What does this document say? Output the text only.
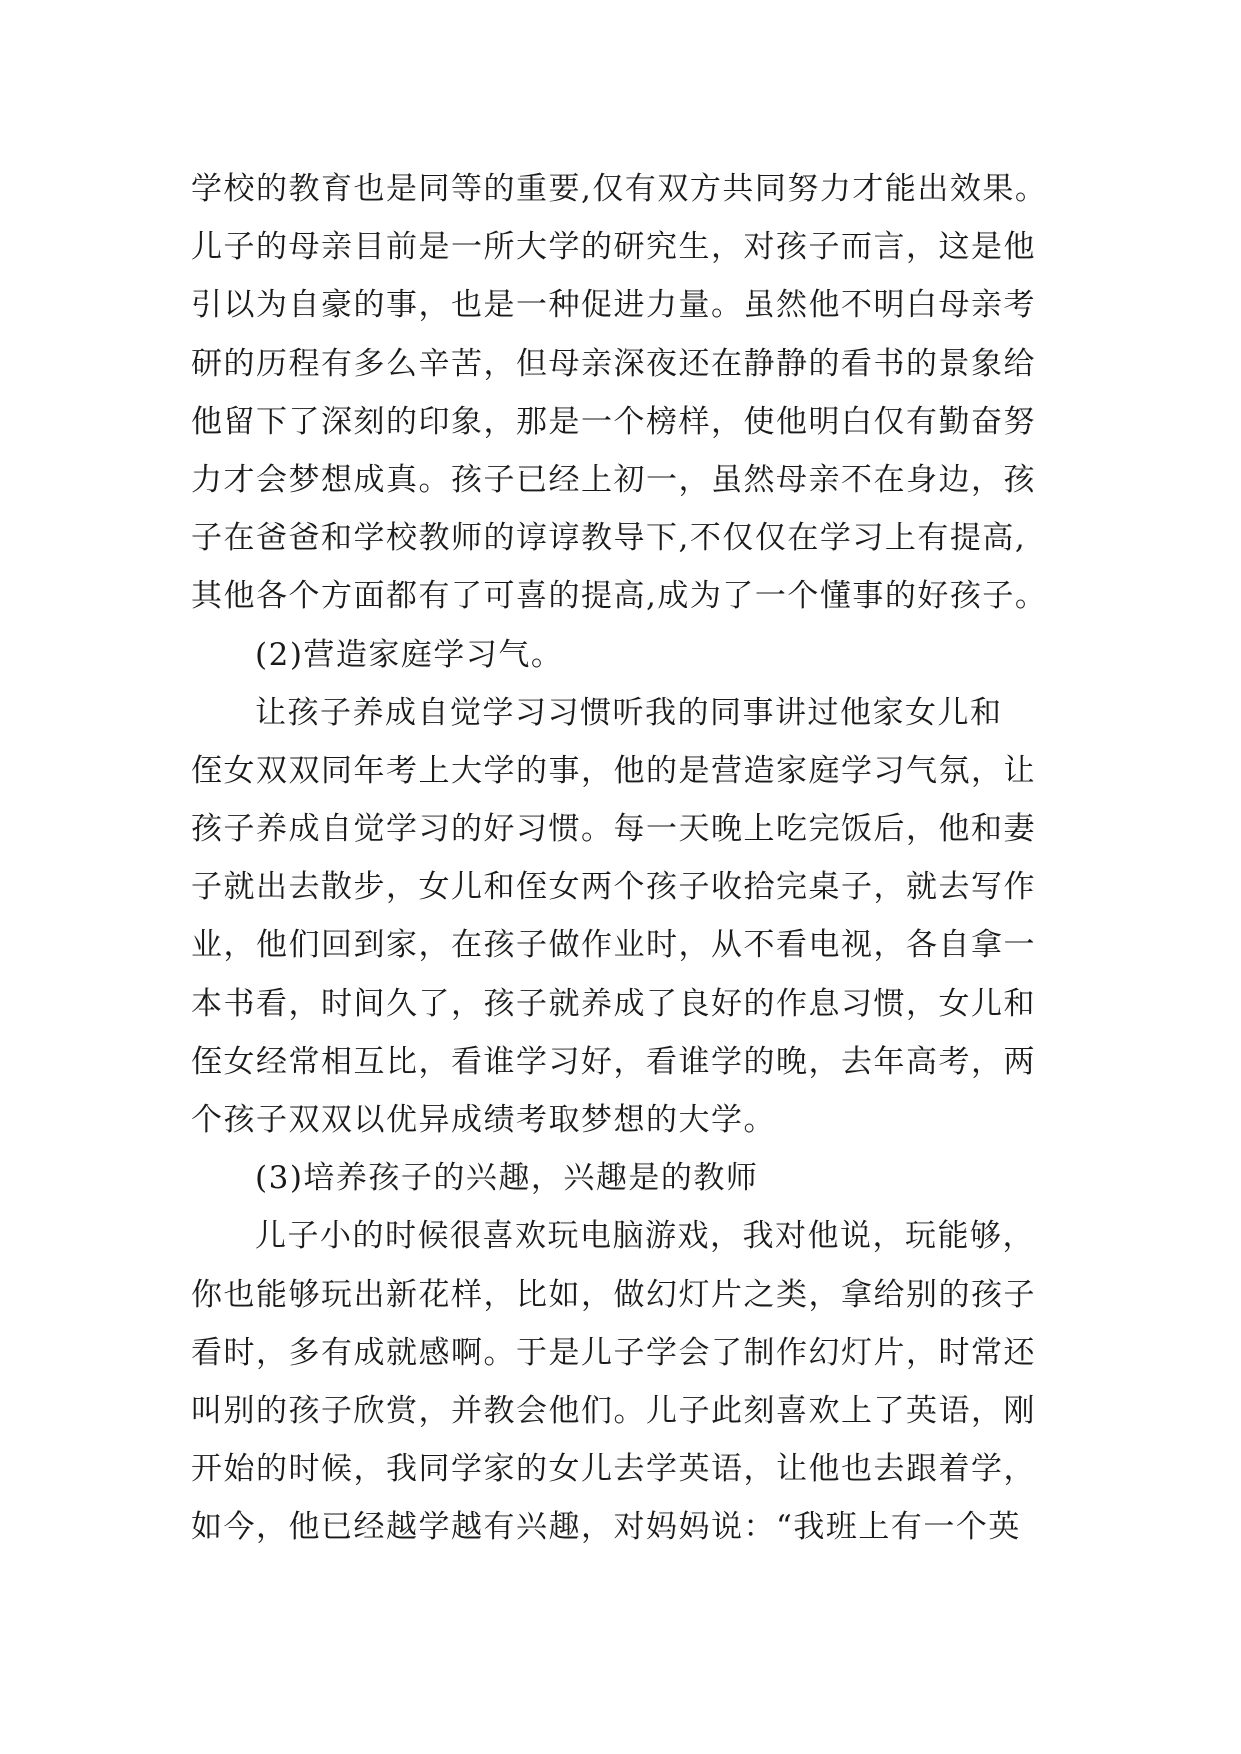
学校的教育也是同等的重要,仅有双方共同努力才能出效果。
儿子的母亲目前是一所大学的研究生，对孩子而言，这是他
引以为自豪的事，也是一种促进力量。虽然他不明白母亲考
研的历程有多么辛苦，但母亲深夜还在静静的看书的景象给
他留下了深刻的印象，那是一个榜样，使他明白仅有勤奋努
力才会梦想成真。孩子已经上初一，虽然母亲不在身边，孩
子在爸爸和学校教师的谆谆教导下,不仅仅在学习上有提高,
其他各个方面都有了可喜的提高,成为了一个懂事的好孩子。
(2)营造家庭学习气。
让孩子养成自觉学习习惯听我的同事讲过他家女儿和
侄女双双同年考上大学的事，他的是营造家庭学习气氛，让
孩子养成自觉学习的好习惯。每一天晚上吃完饭后，他和妻
子就出去散步，女儿和侄女两个孩子收拾完桌子，就去写作
业，他们回到家，在孩子做作业时，从不看电视，各自拿一
本书看，时间久了，孩子就养成了良好的作息习惯，女儿和
侄女经常相互比，看谁学习好，看谁学的晚，去年高考，两
个孩子双双以优异成绩考取梦想的大学。
(3)培养孩子的兴趣，兴趣是的教师
儿子小的时候很喜欢玩电脑游戏，我对他说，玩能够，
你也能够玩出新花样，比如，做幻灯片之类，拿给别的孩子
看时，多有成就感啊。于是儿子学会了制作幻灯片，时常还
叫别的孩子欣赏，并教会他们。儿子此刻喜欢上了英语，刚
开始的时候，我同学家的女儿去学英语，让他也去跟着学，
如今，他已经越学越有兴趣，对妈妈说：“我班上有一个英
